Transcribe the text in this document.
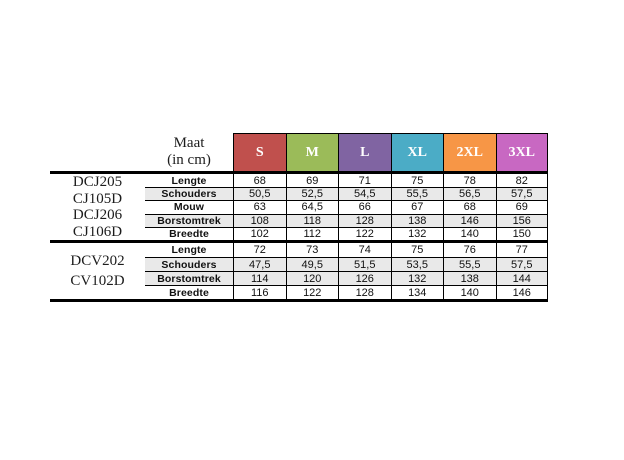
Maat
(in cm)	S	M	L	XL 2XL 3XL
DCJ205
CJ105D
DCJ206
CJ106D
Lengte	68	69	71	75	78	82
Schouders	50,5	52,5	54,5	55,5	56,5	57,5
Mouw	63	64,5	66	67	68	69
Borstomtrek	108	118	128	138	146	156
Breedte	102	112	122	132	140	150
DCV202
CV102D
Lengte	72	73	74	75	76	77
Schouders	47,5	49,5	51,5	53,5	55,5	57,5
Borstomtrek	114	120	126	132	138	144
Breedte	116	122	128	134	140	146
